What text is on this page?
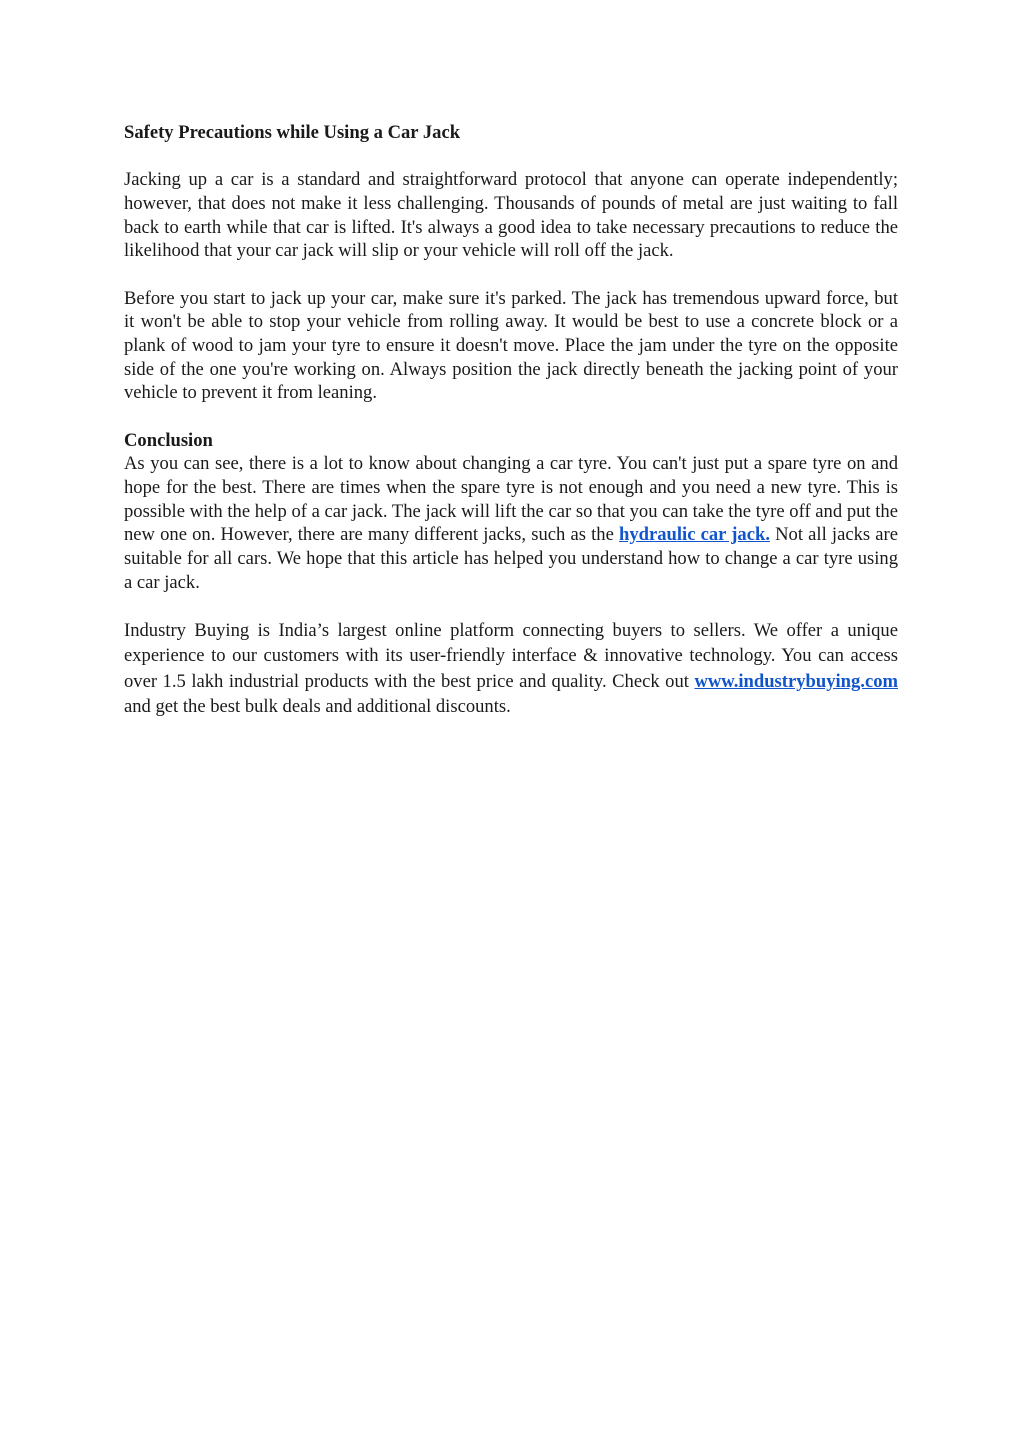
Safety Precautions while Using a Car Jack

Jacking up a car is a standard and straightforward protocol that anyone can operate independently; however, that does not make it less challenging. Thousands of pounds of metal are just waiting to fall back to earth while that car is lifted. It's always a good idea to take necessary precautions to reduce the likelihood that your car jack will slip or your vehicle will roll off the jack.

Before you start to jack up your car, make sure it's parked. The jack has tremendous upward force, but it won't be able to stop your vehicle from rolling away. It would be best to use a concrete block or a plank of wood to jam your tyre to ensure it doesn't move. Place the jam under the tyre on the opposite side of the one you're working on. Always position the jack directly beneath the jacking point of your vehicle to prevent it from leaning.

Conclusion

As you can see, there is a lot to know about changing a car tyre. You can't just put a spare tyre on and hope for the best. There are times when the spare tyre is not enough and you need a new tyre. This is possible with the help of a car jack. The jack will lift the car so that you can take the tyre off and put the new one on. However, there are many different jacks, such as the hydraulic car jack. Not all jacks are suitable for all cars. We hope that this article has helped you understand how to change a car tyre using a car jack.

Industry Buying is India’s largest online platform connecting buyers to sellers. We offer a unique experience to our customers with its user-friendly interface & innovative technology. You can access over 1.5 lakh industrial products with the best price and quality. Check out www.industrybuying.com and get the best bulk deals and additional discounts.
